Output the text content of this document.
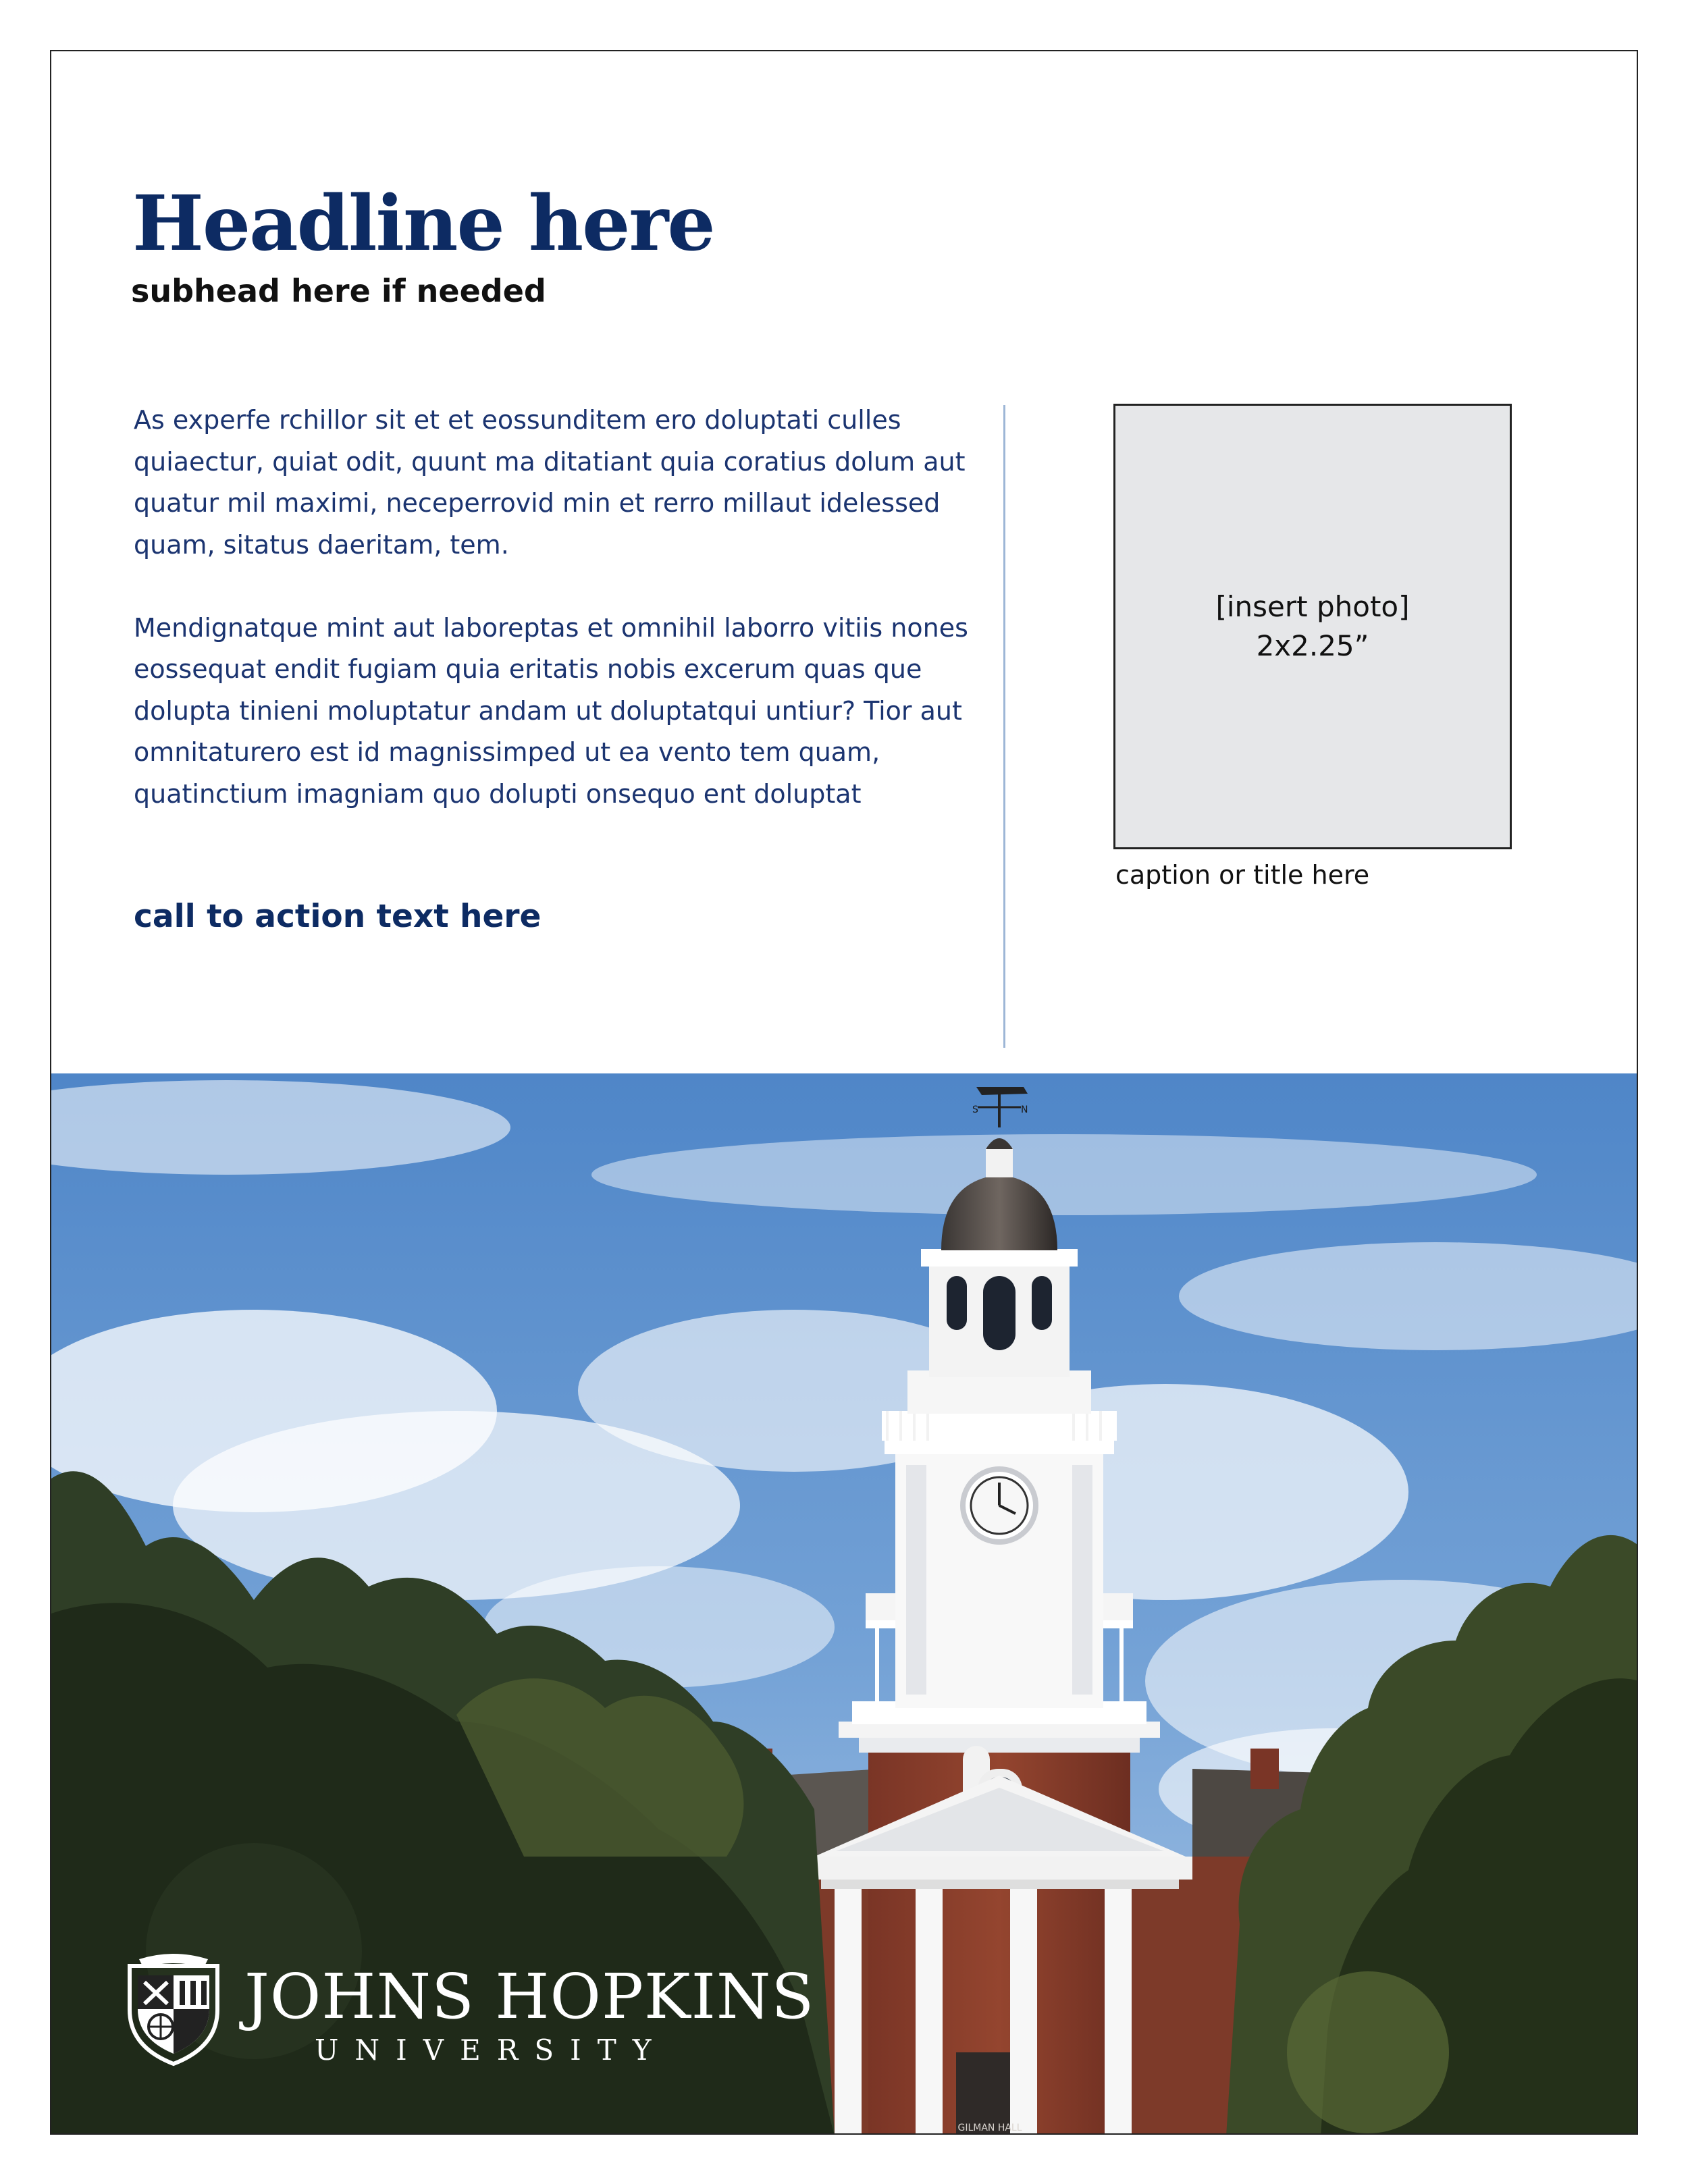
Headline here
subhead here if needed

As experfe rchillor sit et et eossunditem ero doluptati culles quiaectur, quiat odit, quunt ma ditatiant quia coratius dolum aut quatur mil maximi, neceperrovid min et rerro millaut idelessed quam, sitatus daeritam, tem.

Mendignatque mint aut laboreptas et omnihil laborro vitiis nones eossequat endit fugiam quia eritatis nobis excerum quas que dolupta tinieni moluptatur andam ut doluptatqui untiur? Tior aut omnitaturero est id magnissimped ut ea vento tem quam, quatinctium imagniam quo dolupti onsequo ent doluptat

call to action text here

[insert photo]
2x2.25”

caption or title here

GILMAN HALL
S	N
JOHNS HOPKINS
UNIVERSITY
